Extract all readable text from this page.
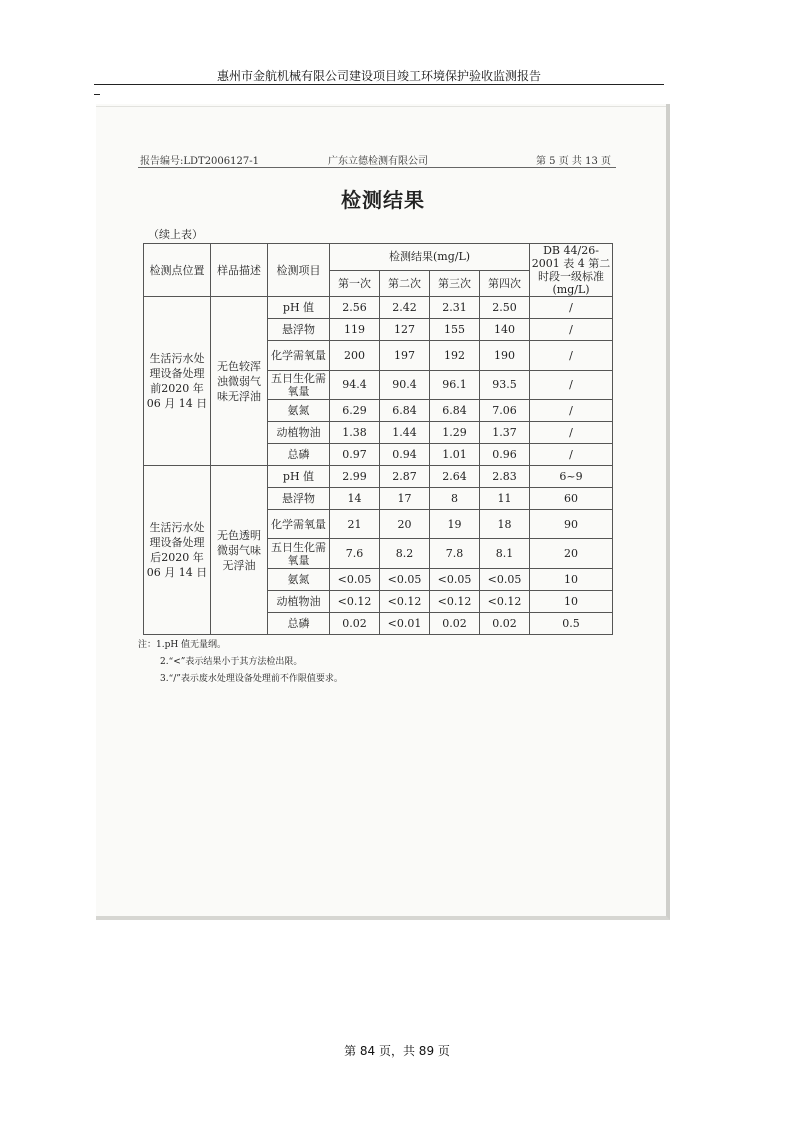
惠州市金航机械有限公司建设项目竣工环境保护验收监测报告
报告编号:LDT2006127-1	广东立德检测有限公司	第 5 页 共 13 页
检测结果
（续上表）
检测点位置	样品描述	检测项目	检测结果(mg/L)				DB 44/26-2001 表 4 第二时段一级标准(mg/L)
			第一次	第二次	第三次	第四次	
生活污水处理设备处理前2020 年06 月 14 日	无色较浑浊微弱气味无浮油	pH 值	2.56	2.42	2.31	2.50	/
		悬浮物	119	127	155	140	/
		化学需氧量	200	197	192	190	/
		五日生化需氧量	94.4	90.4	96.1	93.5	/
		氨氮	6.29	6.84	6.84	7.06	/
		动植物油	1.38	1.44	1.29	1.37	/
		总磷	0.97	0.94	1.01	0.96	/
生活污水处理设备处理后2020 年06 月 14 日	无色透明微弱气味无浮油	pH 值	2.99	2.87	2.64	2.83	6~9
		悬浮物	14	17	8	11	60
		化学需氧量	21	20	19	18	90
		五日生化需氧量	7.6	8.2	7.8	8.1	20
		氨氮	<0.05	<0.05	<0.05	<0.05	10
		动植物油	<0.12	<0.12	<0.12	<0.12	10
		总磷	0.02	<0.01	0.02	0.02	0.5
注：1.pH 值无量纲。
2.“<”表示结果小于其方法检出限。
3.“/”表示废水处理设备处理前不作限值要求。
第 84 页，共 89 页
